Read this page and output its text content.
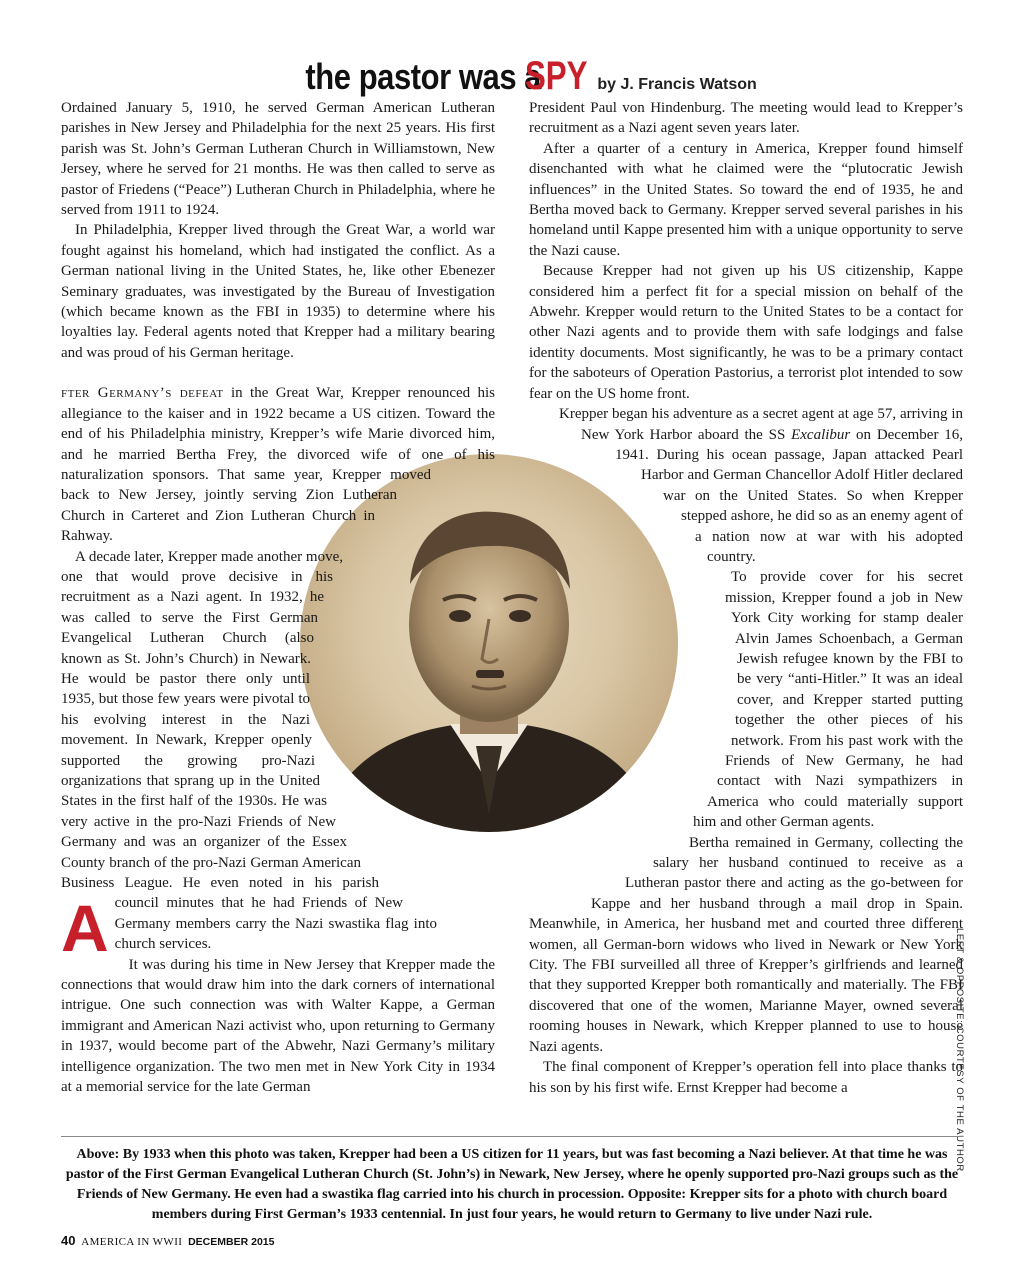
the pastor was a SPY by J. Francis Watson

Ordained January 5, 1910, he served German American Lutheran parishes in New Jersey and Philadelphia for the next 25 years. His first parish was St. John’s German Lutheran Church in Williamstown, New Jersey, where he served for 21 months. He was then called to serve as pastor of Friedens (“Peace”) Lutheran Church in Philadelphia, where he served from 1911 to 1924.

In Philadelphia, Krepper lived through the Great War, a world war fought against his homeland, which had instigated the conflict. As a German national living in the United States, he, like other Ebenezer Seminary graduates, was investigated by the Bureau of Investigation (which became known as the FBI in 1935) to determine where his loyalties lay. Federal agents noted that Krepper had a military bearing and was proud of his German heritage.

A
fter Germany’s defeat in the Great War, Krepper renounced his allegiance to the kaiser and in 1922 became a US citizen. Toward the end of his Philadelphia ministry, Krepper’s wife Marie divorced him, and he married Bertha Frey, the divorced wife of one of his naturalization sponsors. That same year, Krepper moved back to New Jersey, jointly serving Zion Lutheran Church in Carteret and Zion Lutheran Church in Rahway.

A decade later, Krepper made another move, one that would prove decisive in his recruitment as a Nazi agent. In 1932, he was called to serve the First German Evangelical Lutheran Church (also known as St. John’s Church) in Newark. He would be pastor there only until 1935, but those few years were pivotal to his evolving interest in the Nazi movement. In Newark, Krepper openly supported the growing pro-Nazi organizations that sprang up in the United States in the first half of the 1930s. He was very active in the pro-Nazi Friends of New Germany and was an organizer of the Essex County branch of the pro-Nazi German American Business League. He even noted in his parish council minutes that he had Friends of New Germany members carry the Nazi swastika flag into church services.

It was during his time in New Jersey that Krepper made the connections that would draw him into the dark corners of international intrigue. One such connection was with Walter Kappe, a German immigrant and American Nazi activist who, upon returning to Germany in 1937, would become part of the Abwehr, Nazi Germany’s military intelligence organization. The two men met in New York City in 1934 at a memorial service for the late German

President Paul von Hindenburg. The meeting would lead to Krepper’s recruitment as a Nazi agent seven years later.

After a quarter of a century in America, Krepper found himself disenchanted with what he claimed were the “plutocratic Jewish influences” in the United States. So toward the end of 1935, he and Bertha moved back to Germany. Krepper served several parishes in his homeland until Kappe presented him with a unique opportunity to serve the Nazi cause.

Because Krepper had not given up his US citizenship, Kappe considered him a perfect fit for a special mission on behalf of the Abwehr. Krepper would return to the United States to be a contact for other Nazi agents and to provide them with safe lodgings and false identity documents. Most significantly, he was to be a primary contact for the saboteurs of Operation Pastorius, a terrorist plot intended to sow fear on the US home front.

Krepper began his adventure as a secret agent at age 57, arriving in New York Harbor aboard the SS Excalibur on December 16, 1941. During his ocean passage, Japan attacked Pearl Harbor and German Chancellor Adolf Hitler declared war on the United States. So when Krepper stepped ashore, he did so as an enemy agent of a nation now at war with his adopted country.

To provide cover for his secret mission, Krepper found a job in New York City working for stamp dealer Alvin James Schoenbach, a German Jewish refugee known by the FBI to be very “anti-Hitler.” It was an ideal cover, and Krepper started putting together the other pieces of his network. From his past work with the Friends of New Germany, he had contact with Nazi sympathizers in America who could materially support him and other German agents.

Bertha remained in Germany, collecting the salary her husband continued to receive as a Lutheran pastor there and acting as the go-between for Kappe and her husband through a mail drop in Spain. Meanwhile, in America, her husband met and courted three different women, all German-born widows who lived in Newark or New York City. The FBI surveilled all three of Krepper’s girlfriends and learned that they supported Krepper both romantically and materially. The FBI discovered that one of the women, Marianne Mayer, owned several rooming houses in Newark, which Krepper planned to use to house Nazi agents.

The final component of Krepper’s operation fell into place thanks to his son by his first wife. Ernst Krepper had become a	LEFT & OPPOSITE: COURTESY OF THE AUTHOR
Above: By 1933 when this photo was taken, Krepper had been a US citizen for 11 years, but was fast becoming a Nazi believer. At that time he was pastor of the First German Evangelical Lutheran Church (St. John’s) in Newark, New Jersey, where he openly supported pro-Nazi groups such as the Friends of New Germany. He even had a swastika flag carried into his church in procession. Opposite: Krepper sits for a photo with church board members during First German’s 1933 centennial. In just four years, he would return to Germany to live under Nazi rule.
40 AMERICA IN WWII DECEMBER 2015
